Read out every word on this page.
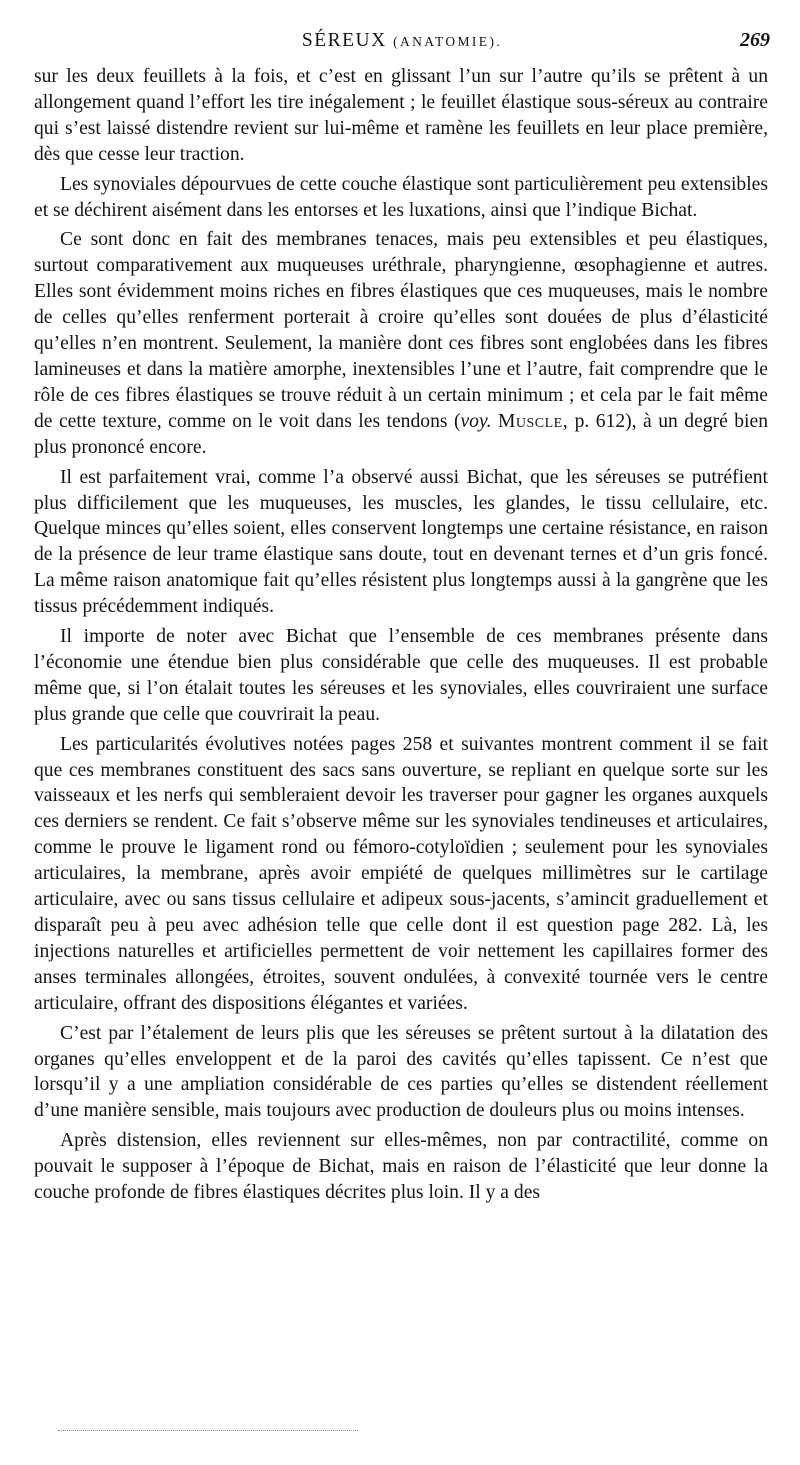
SÉREUX (ANATOMIE).	269

sur les deux feuillets à la fois, et c’est en glissant l’un sur l’autre qu’ils se prêtent à un allongement quand l’effort les tire inégalement ; le feuillet élastique sous-séreux au contraire qui s’est laissé distendre revient sur lui-même et ramène les feuillets en leur place première, dès que cesse leur traction.

Les synoviales dépourvues de cette couche élastique sont particulièrement peu extensibles et se déchirent aisément dans les entorses et les luxations, ainsi que l’indique Bichat.

Ce sont donc en fait des membranes tenaces, mais peu extensibles et peu élastiques, surtout comparativement aux muqueuses uréthrale, pharyngienne, œsophagienne et autres. Elles sont évidemment moins riches en fibres élastiques que ces muqueuses, mais le nombre de celles qu’elles renferment porterait à croire qu’elles sont douées de plus d’élasticité qu’elles n’en montrent. Seulement, la manière dont ces fibres sont englobées dans les fibres lamineuses et dans la matière amorphe, inextensibles l’une et l’autre, fait comprendre que le rôle de ces fibres élastiques se trouve réduit à un certain minimum ; et cela par le fait même de cette texture, comme on le voit dans les tendons (voy. Muscle, p. 612), à un degré bien plus prononcé encore.

Il est parfaitement vrai, comme l’a observé aussi Bichat, que les séreuses se putréfient plus difficilement que les muqueuses, les muscles, les glandes, le tissu cellulaire, etc. Quelque minces qu’elles soient, elles conservent longtemps une certaine résistance, en raison de la présence de leur trame élastique sans doute, tout en devenant ternes et d’un gris foncé. La même raison anatomique fait qu’elles résistent plus longtemps aussi à la gangrène que les tissus précédemment indiqués.

Il importe de noter avec Bichat que l’ensemble de ces membranes présente dans l’économie une étendue bien plus considérable que celle des muqueuses. Il est probable même que, si l’on étalait toutes les séreuses et les synoviales, elles couvriraient une surface plus grande que celle que couvrirait la peau.

Les particularités évolutives notées pages 258 et suivantes montrent comment il se fait que ces membranes constituent des sacs sans ouverture, se repliant en quelque sorte sur les vaisseaux et les nerfs qui sembleraient devoir les traverser pour gagner les organes auxquels ces derniers se rendent. Ce fait s’observe même sur les synoviales tendineuses et articulaires, comme le prouve le ligament rond ou fémoro-cotyloïdien ; seulement pour les synoviales articulaires, la membrane, après avoir empiété de quelques millimètres sur le cartilage articulaire, avec ou sans tissus cellulaire et adipeux sous-jacents, s’amincit graduellement et disparaît peu à peu avec adhésion telle que celle dont il est question page 282. Là, les injections naturelles et artificielles permettent de voir nettement les capillaires former des anses terminales allongées, étroites, souvent ondulées, à convexité tournée vers le centre articulaire, offrant des dispositions élégantes et variées.

C’est par l’étalement de leurs plis que les séreuses se prêtent surtout à la dilatation des organes qu’elles enveloppent et de la paroi des cavités qu’elles tapissent. Ce n’est que lorsqu’il y a une ampliation considérable de ces parties qu’elles se distendent réellement d’une manière sensible, mais toujours avec production de douleurs plus ou moins intenses.

Après distension, elles reviennent sur elles-mêmes, non par contractilité, comme on pouvait le supposer à l’époque de Bichat, mais en raison de l’élasticité que leur donne la couche profonde de fibres élastiques décrites plus loin. Il y a des
